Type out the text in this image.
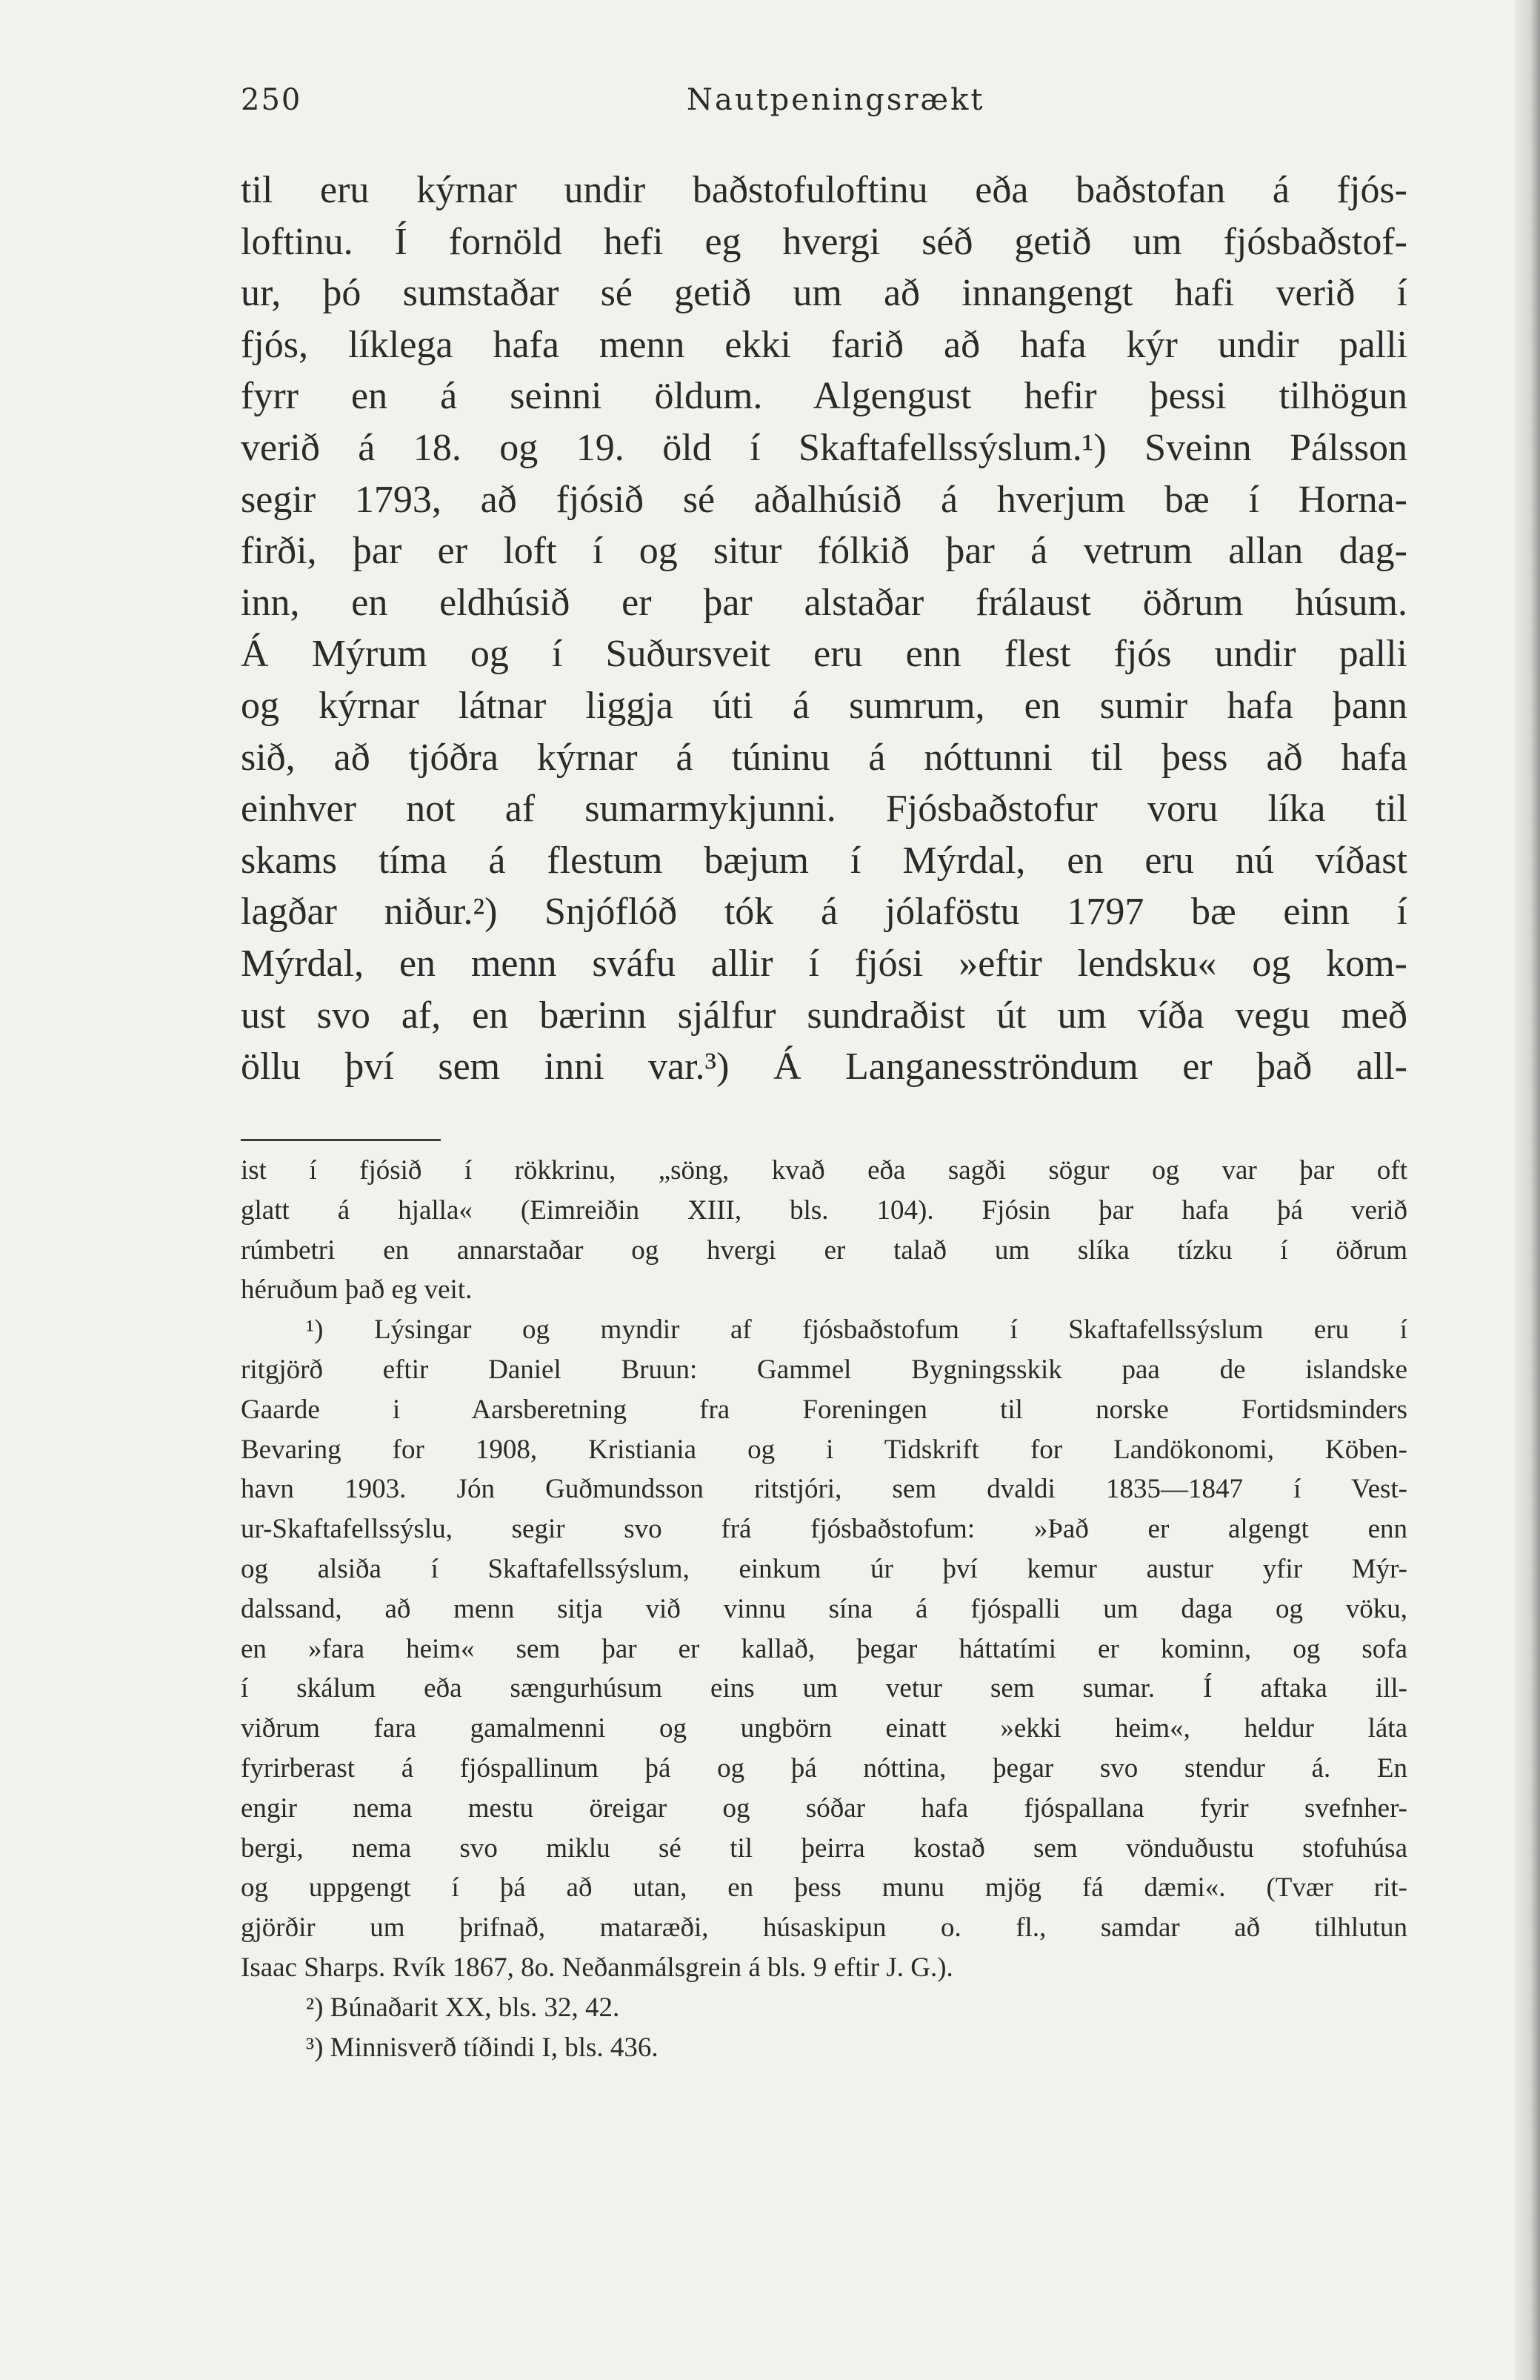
250	Nautpeningsrækt
til eru kýrnar undir baðstofuloftinu eða baðstofan á fjós-
loftinu. Í fornöld hefi eg hvergi séð getið um fjósbaðstof-
ur, þó sumstaðar sé getið um að innangengt hafi verið í
fjós, líklega hafa menn ekki farið að hafa kýr undir palli
fyrr en á seinni öldum. Algengust hefir þessi tilhögun
verið á 18. og 19. öld í Skaftafellssýslum.¹) Sveinn Pálsson
segir 1793, að fjósið sé aðalhúsið á hverjum bæ í Horna-
firði, þar er loft í og situr fólkið þar á vetrum allan dag-
inn, en eldhúsið er þar alstaðar frálaust öðrum húsum.
Á Mýrum og í Suðursveit eru enn flest fjós undir palli
og kýrnar látnar liggja úti á sumrum, en sumir hafa þann
sið, að tjóðra kýrnar á túninu á nóttunni til þess að hafa
einhver not af sumarmykjunni. Fjósbaðstofur voru líka til
skams tíma á flestum bæjum í Mýrdal, en eru nú víðast
lagðar niður.²) Snjóflóð tók á jólaföstu 1797 bæ einn í
Mýrdal, en menn sváfu allir í fjósi »eftir lendsku« og kom-
ust svo af, en bærinn sjálfur sundraðist út um víða vegu með
öllu því sem inni var.³) Á Langanesströndum er það all-
ist í fjósið í rökkrinu, „söng, kvað eða sagði sögur og var þar oft
glatt á hjalla« (Eimreiðin XIII, bls. 104). Fjósin þar hafa þá verið
rúmbetri en annarstaðar og hvergi er talað um slíka tízku í öðrum
héruðum það eg veit.
¹) Lýsingar og myndir af fjósbaðstofum í Skaftafellssýslum eru í
ritgjörð eftir Daniel Bruun: Gammel Bygningsskik paa de islandske
Gaarde i Aarsberetning fra Foreningen til norske Fortidsminders
Bevaring for 1908, Kristiania og i Tidskrift for Landökonomi, Köben-
havn 1903. Jón Guðmundsson ritstjóri, sem dvaldi 1835—1847 í Vest-
ur-Skaftafellssýslu, segir svo frá fjósbaðstofum: »Það er algengt enn
og alsiða í Skaftafellssýslum, einkum úr því kemur austur yfir Mýr-
dalssand, að menn sitja við vinnu sína á fjóspalli um daga og vöku,
en »fara heim« sem þar er kallað, þegar háttatími er kominn, og sofa
í skálum eða sængurhúsum eins um vetur sem sumar. Í aftaka ill-
viðrum fara gamalmenni og ungbörn einatt »ekki heim«, heldur láta
fyrirberast á fjóspallinum þá og þá nóttina, þegar svo stendur á. En
engir nema mestu öreigar og sóðar hafa fjóspallana fyrir svefnher-
bergi, nema svo miklu sé til þeirra kostað sem vönduðustu stofuhúsa
og uppgengt í þá að utan, en þess munu mjög fá dæmi«. (Tvær rit-
gjörðir um þrifnað, mataræði, húsaskipun o. fl., samdar að tilhlutun
Isaac Sharps. Rvík 1867, 8o. Neðanmálsgrein á bls. 9 eftir J. G.).
²) Búnaðarit XX, bls. 32, 42.
³) Minnisverð tíðindi I, bls. 436.
